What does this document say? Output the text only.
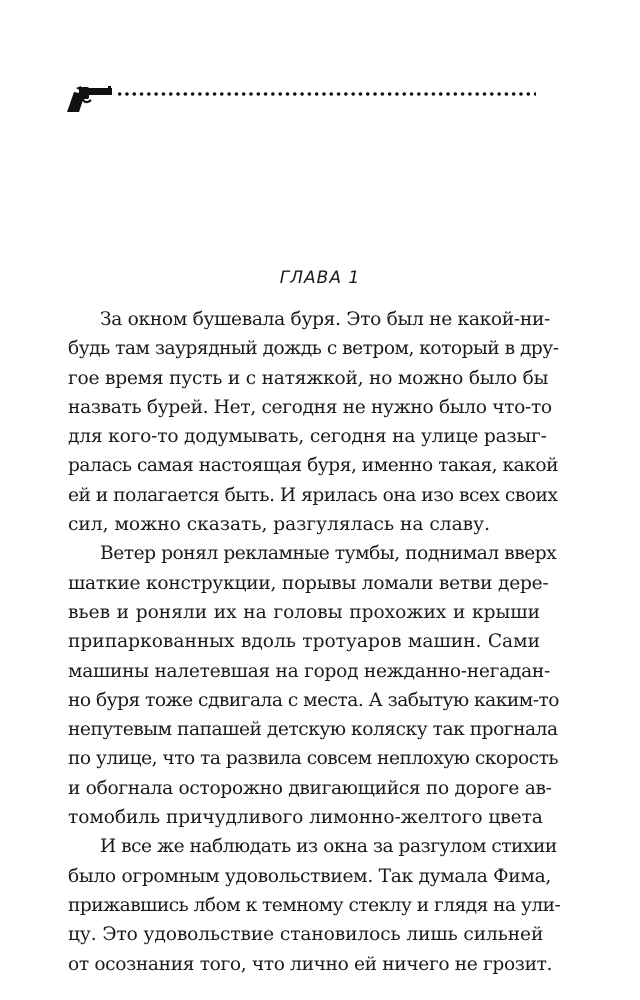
ГЛАВА 1

За окном бушевала буря. Это был не какой-ни-
будь там заурядный дождь с ветром, который в дру-
гое время пусть и с натяжкой, но можно было бы
назвать бурей. Нет, сегодня не нужно было что-то
для кого-то додумывать, сегодня на улице разыг-
ралась самая настоящая буря, именно такая, какой
ей и полагается быть. И ярилась она изо всех своих
сил, можно сказать, разгулялась на славу.

Ветер ронял рекламные тумбы, поднимал вверх
шаткие конструкции, порывы ломали ветви дере-
вьев и роняли их на головы прохожих и крыши
припаркованных вдоль тротуаров машин. Сами
машины налетевшая на город нежданно-негадан-
но буря тоже сдвигала с места. А забытую каким-то
непутевым папашей детскую коляску так прогнала
по улице, что та развила совсем неплохую скорость
и обогнала осторожно двигающийся по дороге ав-
томобиль причудливого лимонно-желтого цвета

И все же наблюдать из окна за разгулом стихии
было огромным удовольствием. Так думала Фима,
прижавшись лбом к темному стеклу и глядя на ули-
цу. Это удовольствие становилось лишь сильней
от осознания того, что лично ей ничего не грозит.
